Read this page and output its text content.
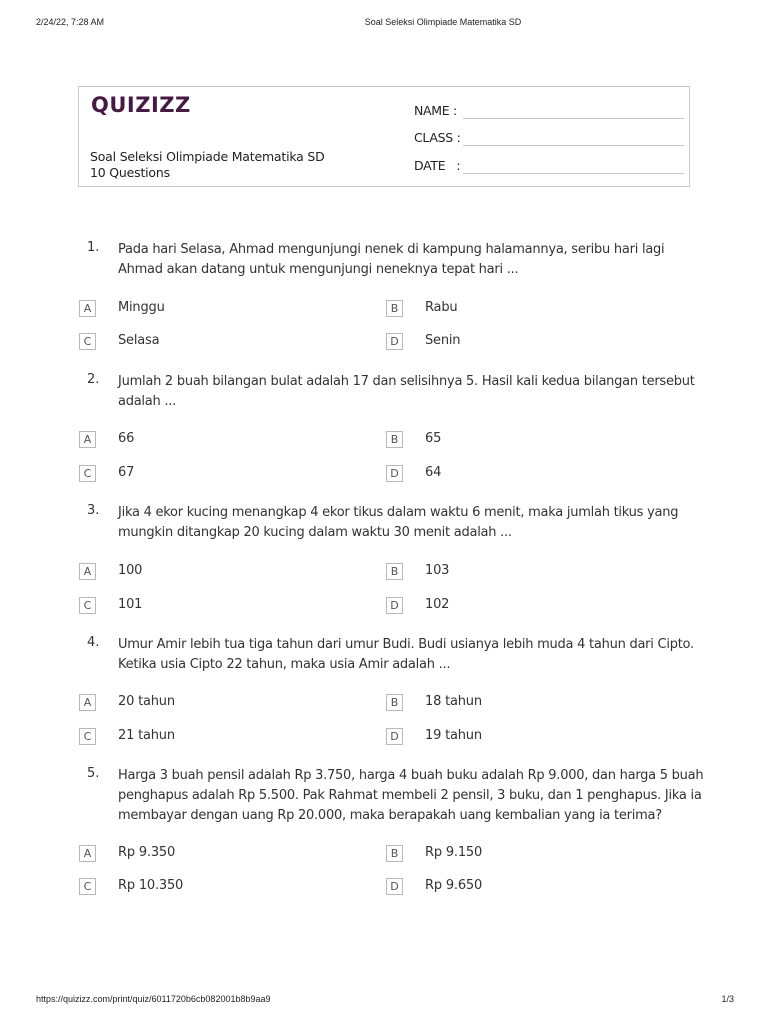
2/24/22, 7:28 AM	Soal Seleksi Olimpiade Matematika SD
QUIZIZZ
Soal Seleksi Olimpiade Matematika SD
10 Questions
NAME :
CLASS :
DATE   :
1. Pada hari Selasa, Ahmad mengunjungi nenek di kampung halamannya, seribu hari lagi
Ahmad akan datang untuk mengunjungi neneknya tepat hari ...
A	Minggu	B	Rabu
C	Selasa	D	Senin
2. Jumlah 2 buah bilangan bulat adalah 17 dan selisihnya 5. Hasil kali kedua bilangan tersebut
adalah ...
A	66	B	65
C	67	D	64
3. Jika 4 ekor kucing menangkap 4 ekor tikus dalam waktu 6 menit, maka jumlah tikus yang
mungkin ditangkap 20 kucing dalam waktu 30 menit adalah ...
A	100	B	103
C	101	D	102
4. Umur Amir lebih tua tiga tahun dari umur Budi. Budi usianya lebih muda 4 tahun dari Cipto.
Ketika usia Cipto 22 tahun, maka usia Amir adalah ...
A	20 tahun	B	18 tahun
C	21 tahun	D	19 tahun
5. Harga 3 buah pensil adalah Rp 3.750, harga 4 buah buku adalah Rp 9.000, dan harga 5 buah
penghapus adalah Rp 5.500. Pak Rahmat membeli 2 pensil, 3 buku, dan 1 penghapus. Jika ia
membayar dengan uang Rp 20.000, maka berapakah uang kembalian yang ia terima?
A	Rp 9.350	B	Rp 9.150
C	Rp 10.350	D	Rp 9.650
https://quizizz.com/print/quiz/6011720b6cb082001b8b9aa9	1/3
